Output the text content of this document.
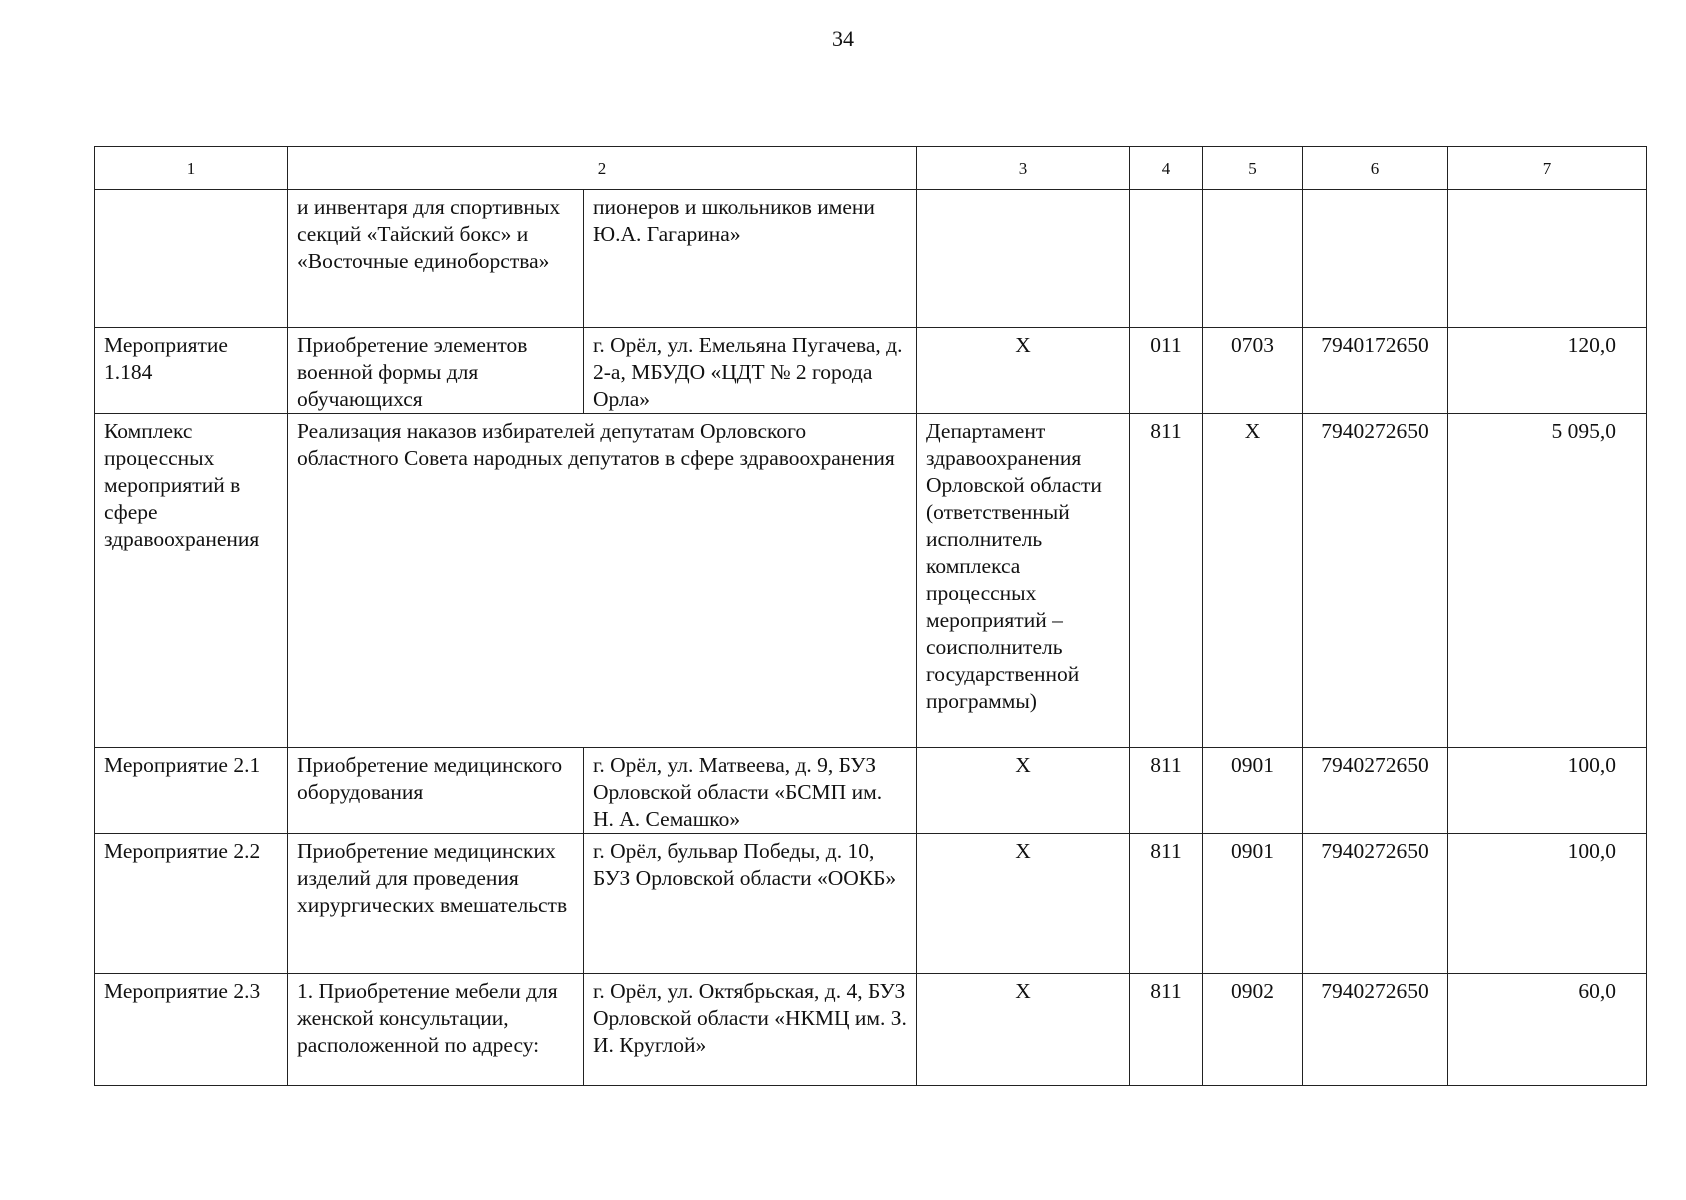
34
1	2		3	4	5	6	7
	и инвентаря для спортивных секций «Тайский бокс» и «Восточные единоборства»	пионеров и школьников имени Ю.А. Гагарина»					
Мероприятие 1.184	Приобретение элементов военной формы для обучающихся	г. Орёл, ул. Емельяна Пугачева, д. 2-а, МБУДО «ЦДТ № 2 города Орла»	Х	011	0703	7940172650	120,0
Комплекс процессных мероприятий в сфере здравоохранения	Реализация наказов избирателей депутатам Орловского областного Совета народных депутатов в сфере здравоохранения		Департамент здравоохранения Орловской области (ответственный исполнитель комплекса процессных мероприятий – соисполнитель государственной программы)	811	Х	7940272650	5 095,0
Мероприятие 2.1	Приобретение медицинского оборудования	г. Орёл, ул. Матвеева, д. 9, БУЗ Орловской области «БСМП им. Н. А. Семашко»	Х	811	0901	7940272650	100,0
Мероприятие 2.2	Приобретение медицинских изделий для проведения хирургических вмешательств	г. Орёл, бульвар Победы, д. 10, БУЗ Орловской области «ООКБ»	Х	811	0901	7940272650	100,0
Мероприятие 2.3	1. Приобретение мебели для женской консультации, расположенной по адресу:	г. Орёл, ул. Октябрьская, д. 4, БУЗ Орловской области «НКМЦ им. З. И. Круглой»	Х	811	0902	7940272650	60,0
